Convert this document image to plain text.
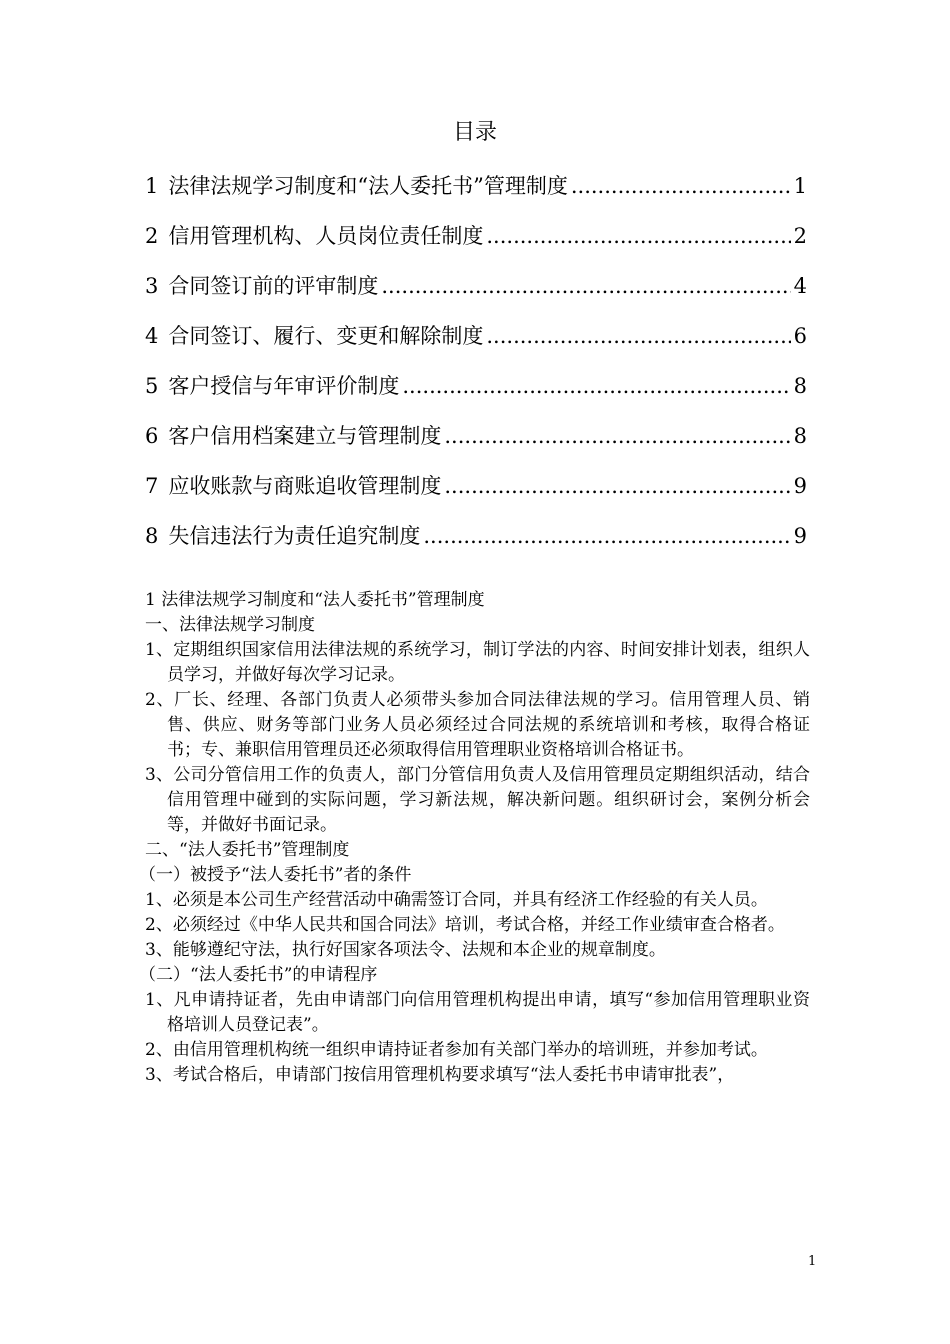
目录
1 法律法规学习制度和“法人委托书”管理制度 .....	1
2 信用管理机构、人员岗位责任制度 .....	2
3 合同签订前的评审制度 .....	4
4 合同签订、履行、变更和解除制度 .....	6
5 客户授信与年审评价制度 .....	8
6 客户信用档案建立与管理制度 .....	8
7 应收账款与商账追收管理制度 .....	9
8 失信违法行为责任追究制度 .....	9

1 法律法规学习制度和“法人委托书”管理制度

一、法律法规学习制度

1、定期组织国家信用法律法规的系统学习，制订学法的内容、时间安排计划表，组织人员学习，并做好每次学习记录。

2、厂长、经理、各部门负责人必须带头参加合同法律法规的学习。信用管理人员、销售、供应、财务等部门业务人员必须经过合同法规的系统培训和考核，取得合格证书；专、兼职信用管理员还必须取得信用管理职业资格培训合格证书。

3、公司分管信用工作的负责人，部门分管信用负责人及信用管理员定期组织活动，结合信用管理中碰到的实际问题，学习新法规，解决新问题。组织研讨会，案例分析会等，并做好书面记录。

二、“法人委托书”管理制度

（一）被授予“法人委托书”者的条件

1、必须是本公司生产经营活动中确需签订合同，并具有经济工作经验的有关人员。

2、必须经过《中华人民共和国合同法》培训，考试合格，并经工作业绩审查合格者。

3、能够遵纪守法，执行好国家各项法令、法规和本企业的规章制度。

（二）“法人委托书”的申请程序

1、凡申请持证者，先由申请部门向信用管理机构提出申请，填写“参加信用管理职业资格培训人员登记表”。

2、由信用管理机构统一组织申请持证者参加有关部门举办的培训班，并参加考试。

3、考试合格后，申请部门按信用管理机构要求填写“法人委托书申请审批表”，

1
